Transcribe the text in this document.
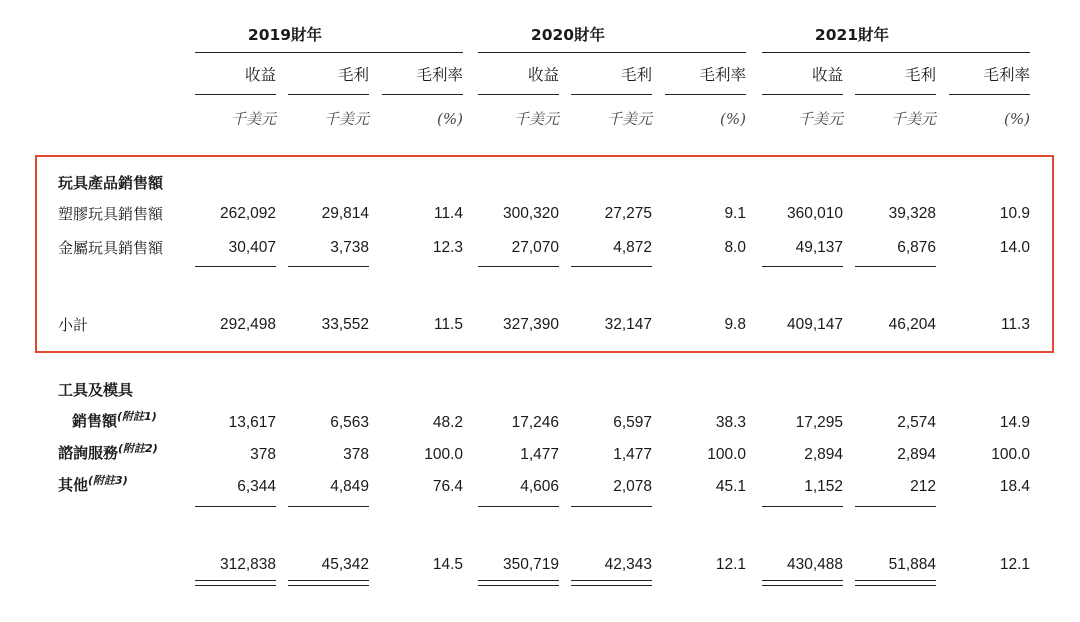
2019財年	2020財年	2021財年
收益	毛利	毛利率	收益	毛利	毛利率	收益	毛利	毛利率
千美元	千美元	(%)	千美元	千美元	(%)	千美元	千美元	(%)
玩具產品銷售額
塑膠玩具銷售額	262,092	29,814	11.4	300,320	27,275	9.1	360,010	39,328	10.9
金屬玩具銷售額	30,407	3,738	12.3	27,070	4,872	8.0	49,137	6,876	14.0
小計	292,498	33,552	11.5	327,390	32,147	9.8	409,147	46,204	11.3
工具及模具
銷售額$^{(附註1)}$	13,617	6,563	48.2	17,246	6,597	38.3	17,295	2,574	14.9
諮詢服務$^{(附註2)}$	378	378	100.0	1,477	1,477	100.0	2,894	2,894	100.0
其他$^{(附註3)}$	6,344	4,849	76.4	4,606	2,078	45.1	1,152	212	18.4
312,838	45,342	14.5	350,719	42,343	12.1	430,488	51,884	12.1
